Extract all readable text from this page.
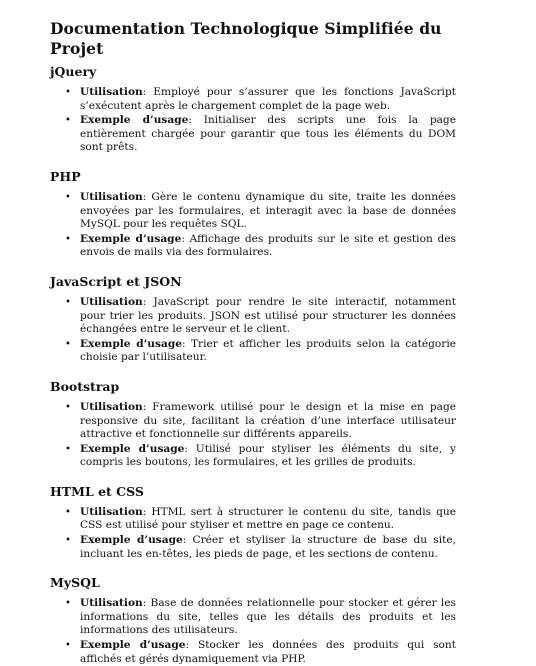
Documentation Technologique Simplifiée du Projet
jQuery
• Utilisation: Employé pour s’assurer que les fonctions JavaScript s’exécutent après le chargement complet de la page web.
• Exemple d’usage: Initialiser des scripts une fois la page entièrement chargée pour garantir que tous les éléments du DOM sont prêts.
PHP
• Utilisation: Gère le contenu dynamique du site, traite les données envoyées par les formulaires, et interagit avec la base de données MySQL pour les requêtes SQL.
• Exemple d’usage: Affichage des produits sur le site et gestion des envois de mails via des formulaires.
JavaScript et JSON
• Utilisation: JavaScript pour rendre le site interactif, notamment pour trier les produits. JSON est utilisé pour structurer les données échangées entre le serveur et le client.
• Exemple d’usage: Trier et afficher les produits selon la catégorie choisie par l’utilisateur.
Bootstrap
• Utilisation: Framework utilisé pour le design et la mise en page responsive du site, facilitant la création d’une interface utilisateur attractive et fonctionnelle sur différents appareils.
• Exemple d’usage: Utilisé pour styliser les éléments du site, y compris les boutons, les formulaires, et les grilles de produits.
HTML et CSS
• Utilisation: HTML sert à structurer le contenu du site, tandis que CSS est utilisé pour styliser et mettre en page ce contenu.
• Exemple d’usage: Créer et styliser la structure de base du site, incluant les en-têtes, les pieds de page, et les sections de contenu.
MySQL
• Utilisation: Base de données relationnelle pour stocker et gérer les informations du site, telles que les détails des produits et les informations des utilisateurs.
• Exemple d’usage: Stocker les données des produits qui sont affichés et gérés dynamiquement via PHP.
